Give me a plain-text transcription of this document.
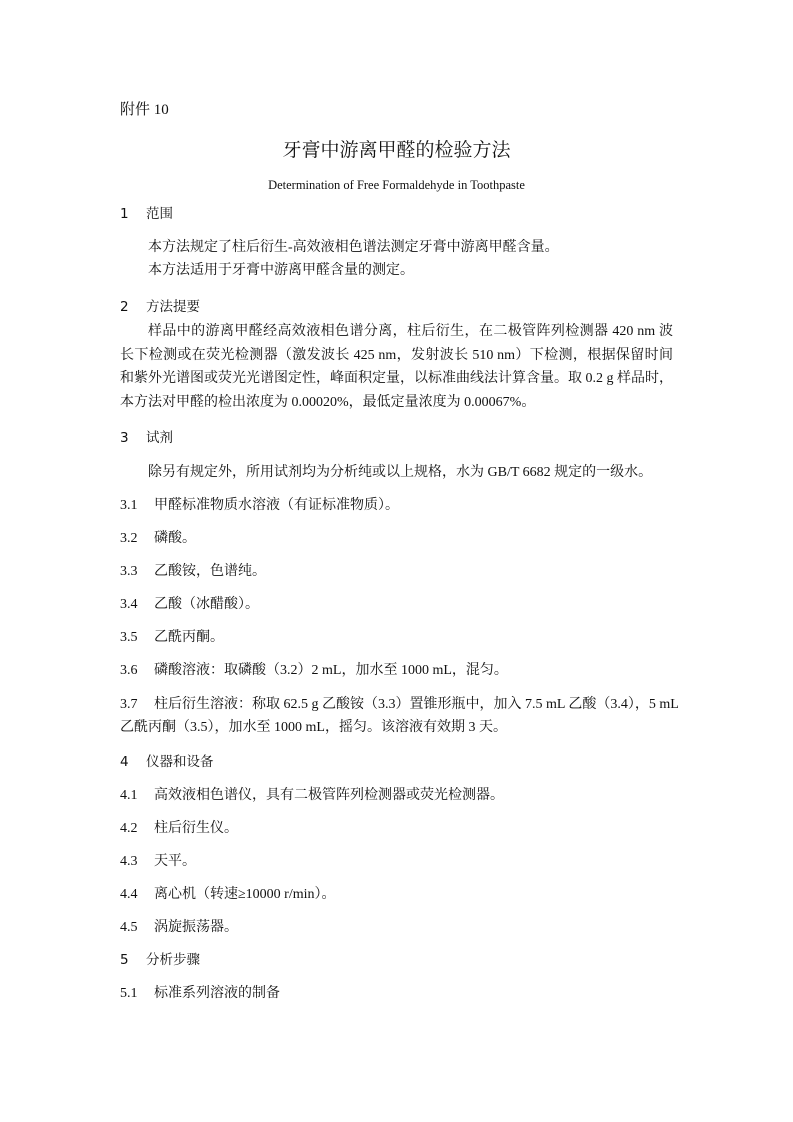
附件 10
牙膏中游离甲醛的检验方法
Determination of Free Formaldehyde in Toothpaste
1 范围
本方法规定了柱后衍生-高效液相色谱法测定牙膏中游离甲醛含量。
本方法适用于牙膏中游离甲醛含量的测定。
2 方法提要
样品中的游离甲醛经高效液相色谱分离，柱后衍生，在二极管阵列检测器 420 nm 波长下检测或在荧光检测器（激发波长 425 nm，发射波长 510 nm）下检测，根据保留时间和紫外光谱图或荧光光谱图定性，峰面积定量，以标准曲线法计算含量。取 0.2 g 样品时，本方法对甲醛的检出浓度为 0.00020%，最低定量浓度为 0.00067%。
3 试剂
除另有规定外，所用试剂均为分析纯或以上规格，水为 GB/T 6682 规定的一级水。
3.1 甲醛标准物质水溶液（有证标准物质）。
3.2 磷酸。
3.3 乙酸铵，色谱纯。
3.4 乙酸（冰醋酸）。
3.5 乙酰丙酮。
3.6 磷酸溶液：取磷酸（3.2）2 mL，加水至 1000 mL，混匀。
3.7 柱后衍生溶液：称取 62.5 g 乙酸铵（3.3）置锥形瓶中，加入 7.5 mL 乙酸（3.4），5 mL
乙酰丙酮（3.5），加水至 1000 mL，摇匀。该溶液有效期 3 天。
4 仪器和设备
4.1 高效液相色谱仪，具有二极管阵列检测器或荧光检测器。
4.2 柱后衍生仪。
4.3 天平。
4.4 离心机（转速≥10000 r/min）。
4.5 涡旋振荡器。
5 分析步骤
5.1 标准系列溶液的制备
